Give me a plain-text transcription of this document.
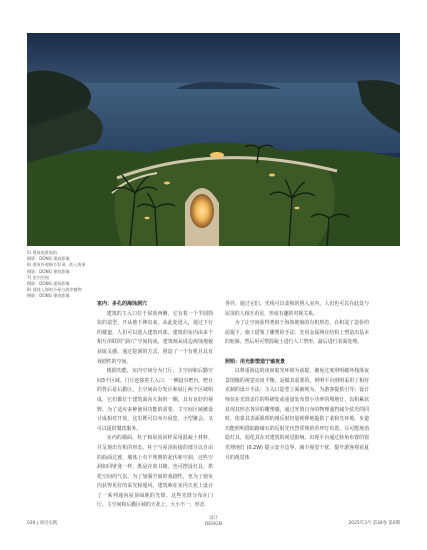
5) 建筑夜景航拍
摄影：DONG 建筑影像
6) 建筑外观细节1/ 8，夜入效果
摄影：DONG 建筑影像
7) 室内空间
摄影：DONG 建筑影像
8) 视线入海的小屋与海岸植物
摄影：DONG 建筑影像

室内：多孔的海蚀洞穴

建筑的主入口位于屋顶西侧，它有着一个半圆筒状的造型，开从地下伸出来。从此处进入，通过下行的楼道，人们可以进入建筑内部。建筑的室内由多个相互串联的“洞穴”空间构成，建筑师从周边海蚀地貌获取灵感，通过挖洞的方式，创造了一个有机且具有戏剧性的空间。

根据功能，室内空间分为门厅、主空间和后勤空间3个区域。门厅连接着主入口，一侧设有吧台，吧台的背后是后勤区。主空间由分发区和展厅两个区域组成，它们都位于建筑面向大海的一侧，具有良好的视野，为了适应多种使用功能的需要，主空间区域被设计成相对开放，这里既可以举办展览，小型聚会，又可以提供餐饮服务。

室内的墙面、柱子和屋顶同样采用混凝土材料，并呈现出有机的形态。柱子与屋顶衔接的部分以自由的曲面过渡，墙体上有不规则的起伏和空洞，这些空洞如同壁龛一样，既是存放书籍，也可摆设灯具，烘托空间的气氛。为了加强空间的戏剧性，也为了使室内获得更好的采光和通风，建筑师在室内天花上设计了一系列通向屋顶绿地的光筒。这些光筒分布在门厅、主空间和后勤区域的天花上，大小不一，形态

各异。通过它们，光线可以柔和的照入室内，人们也可以在此处与屋顶的人相互看见，形成有趣的对视关系。

为了让空间获得类似于海蚀地貌的有机形态，在积淀了造价的前提下，施工借鉴了雕塑的手法：先用金属网在结构上塑造出基本的轮廓，然后用可塑混凝土进行人工塑形，最后进行表面处理。

照明：用光影塑造宁谧夜景

以尊重海边的夜间暗光环境为前提，避免过度照明破坏栈落夜景图像的视觉亮度平衡，是做其重要的。照明平台照明采用了相对克制的设计手法：主入口造型立面被视为，为游客提供引导；设计师仅在光筒盖位的科研处或重量处布置小功率的埋地灯，以积累状显现其形态各异的雕塑感，通过光筒自身的物理遮挡减少炫光的同时，依靠其表面肌理的漫反射轻量视释地提供了柔和光环境。步道功能照明借助路缘石的反射光代替常规的草坪灯布置，尽可能地消隐灯具，弱化其在对建筑的视觉影响。出现平台通过转角布置的窗光埋地灯 (0.2W) 提示安全边界，减少视觉干扰，提升游客观看夏月的视觉体

030 | 项目实践
设计
DESIGN	2025年3月 第38卷 第6期
